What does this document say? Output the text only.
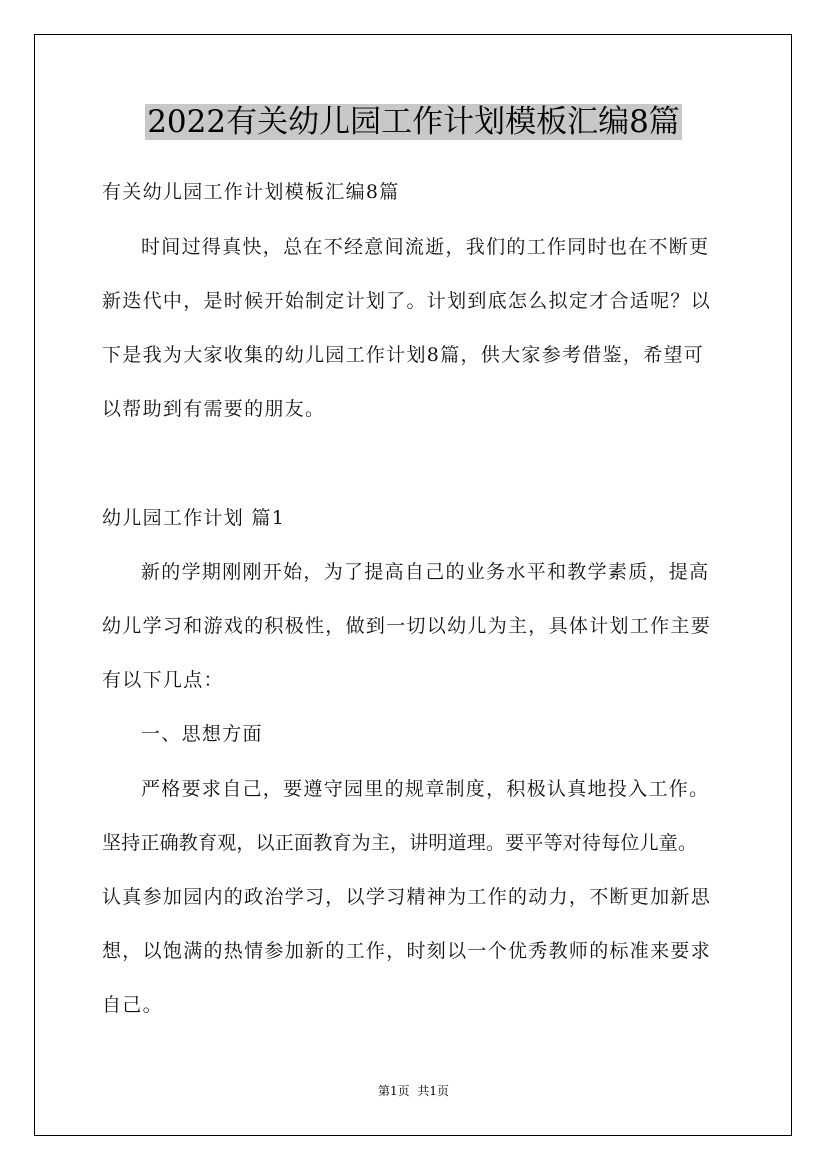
2022有关幼儿园工作计划模板汇编8篇
有关幼儿园工作计划模板汇编8篇
时间过得真快，总在不经意间流逝，我们的工作同时也在不断更
新迭代中，是时候开始制定计划了。计划到底怎么拟定才合适呢？以
下是我为大家收集的幼儿园工作计划8篇，供大家参考借鉴，希望可
以帮助到有需要的朋友。
幼儿园工作计划 篇1
新的学期刚刚开始，为了提高自己的业务水平和教学素质，提高
幼儿学习和游戏的积极性，做到一切以幼儿为主，具体计划工作主要
有以下几点：
一、思想方面
严格要求自己，要遵守园里的规章制度，积极认真地投入工作。
坚持正确教育观，以正面教育为主，讲明道理。要平等对待每位儿童。
认真参加园内的政治学习，以学习精神为工作的动力，不断更加新思
想，以饱满的热情参加新的工作，时刻以一个优秀教师的标准来要求
自己。
第1页 共1页
